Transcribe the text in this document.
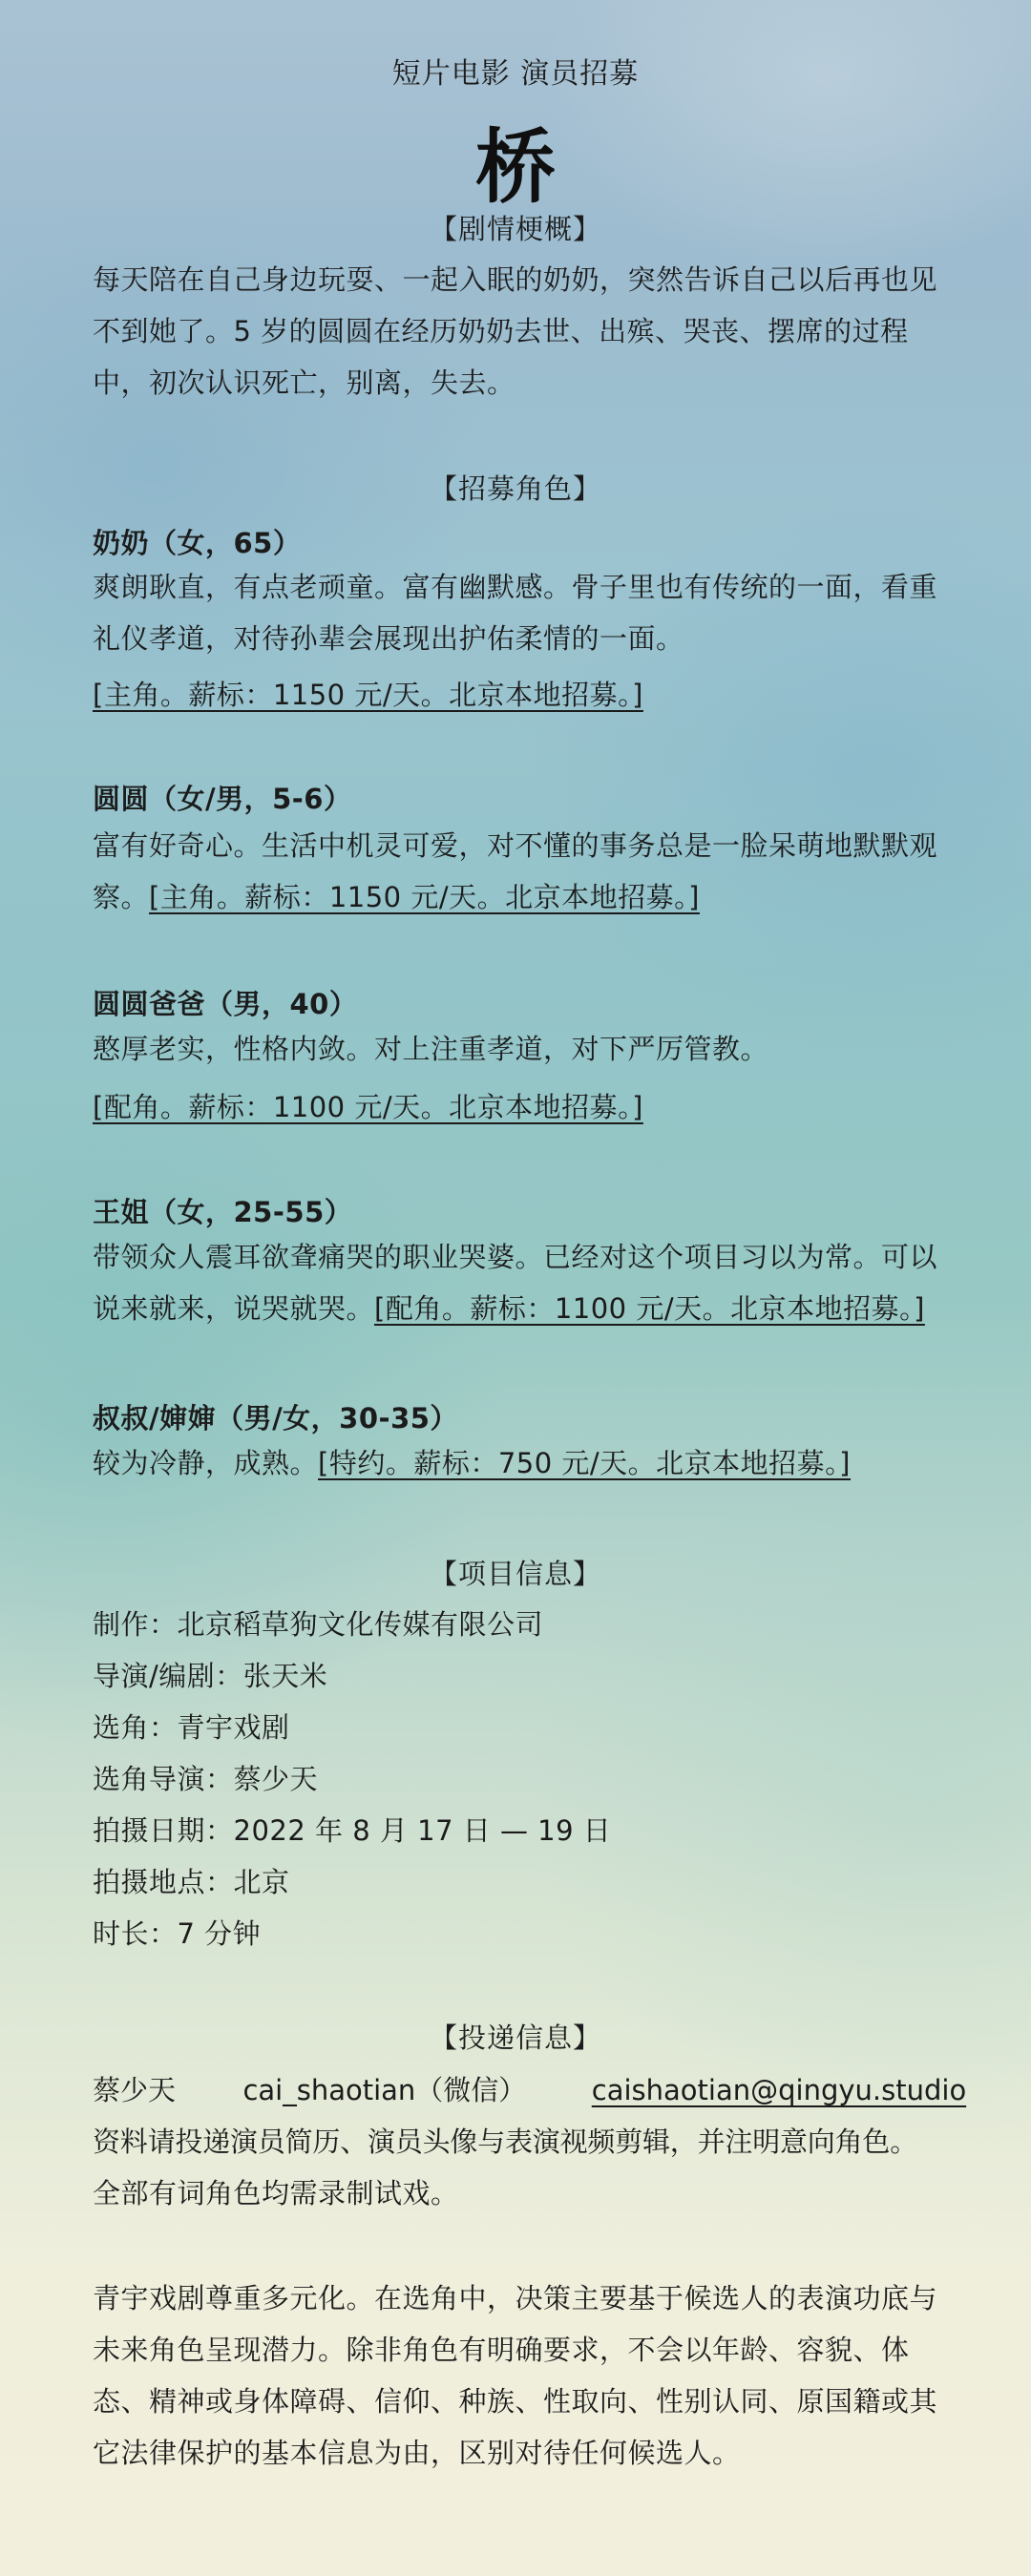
短片电影 演员招募
桥
【剧情梗概】
每天陪在自己身边玩耍、一起入眠的奶奶，突然告诉自己以后再也见不到她了。5 岁的圆圆在经历奶奶去世、出殡、哭丧、摆席的过程中，初次认识死亡，别离，失去。
【招募角色】
奶奶（女，65）
爽朗耿直，有点老顽童。富有幽默感。骨子里也有传统的一面，看重礼仪孝道，对待孙辈会展现出护佑柔情的一面。
[主角。薪标：1150 元/天。北京本地招募。]
圆圆（女/男，5-6）
富有好奇心。生活中机灵可爱，对不懂的事务总是一脸呆萌地默默观察。[主角。薪标：1150 元/天。北京本地招募。]
圆圆爸爸（男，40）
憨厚老实，性格内敛。对上注重孝道，对下严厉管教。
[配角。薪标：1100 元/天。北京本地招募。]
王姐（女，25-55）
带领众人震耳欲聋痛哭的职业哭婆。已经对这个项目习以为常。可以说来就来，说哭就哭。[配角。薪标：1100 元/天。北京本地招募。]
叔叔/婶婶（男/女，30-35）
较为冷静，成熟。[特约。薪标：750 元/天。北京本地招募。]
【项目信息】
制作：北京稻草狗文化传媒有限公司
导演/编剧：张天米
选角：青宇戏剧
选角导演：蔡少天
拍摄日期：2022 年 8 月 17 日 — 19 日
拍摄地点：北京
时长：7 分钟
【投递信息】
蔡少天 cai_shaotian（微信） caishaotian@qingyu.studio
资料请投递演员简历、演员头像与表演视频剪辑，并注明意向角色。
全部有词角色均需录制试戏。
青宇戏剧尊重多元化。在选角中，决策主要基于候选人的表演功底与未来角色呈现潜力。除非角色有明确要求，不会以年龄、容貌、体态、精神或身体障碍、信仰、种族、性取向、性别认同、原国籍或其它法律保护的基本信息为由，区别对待任何候选人。
